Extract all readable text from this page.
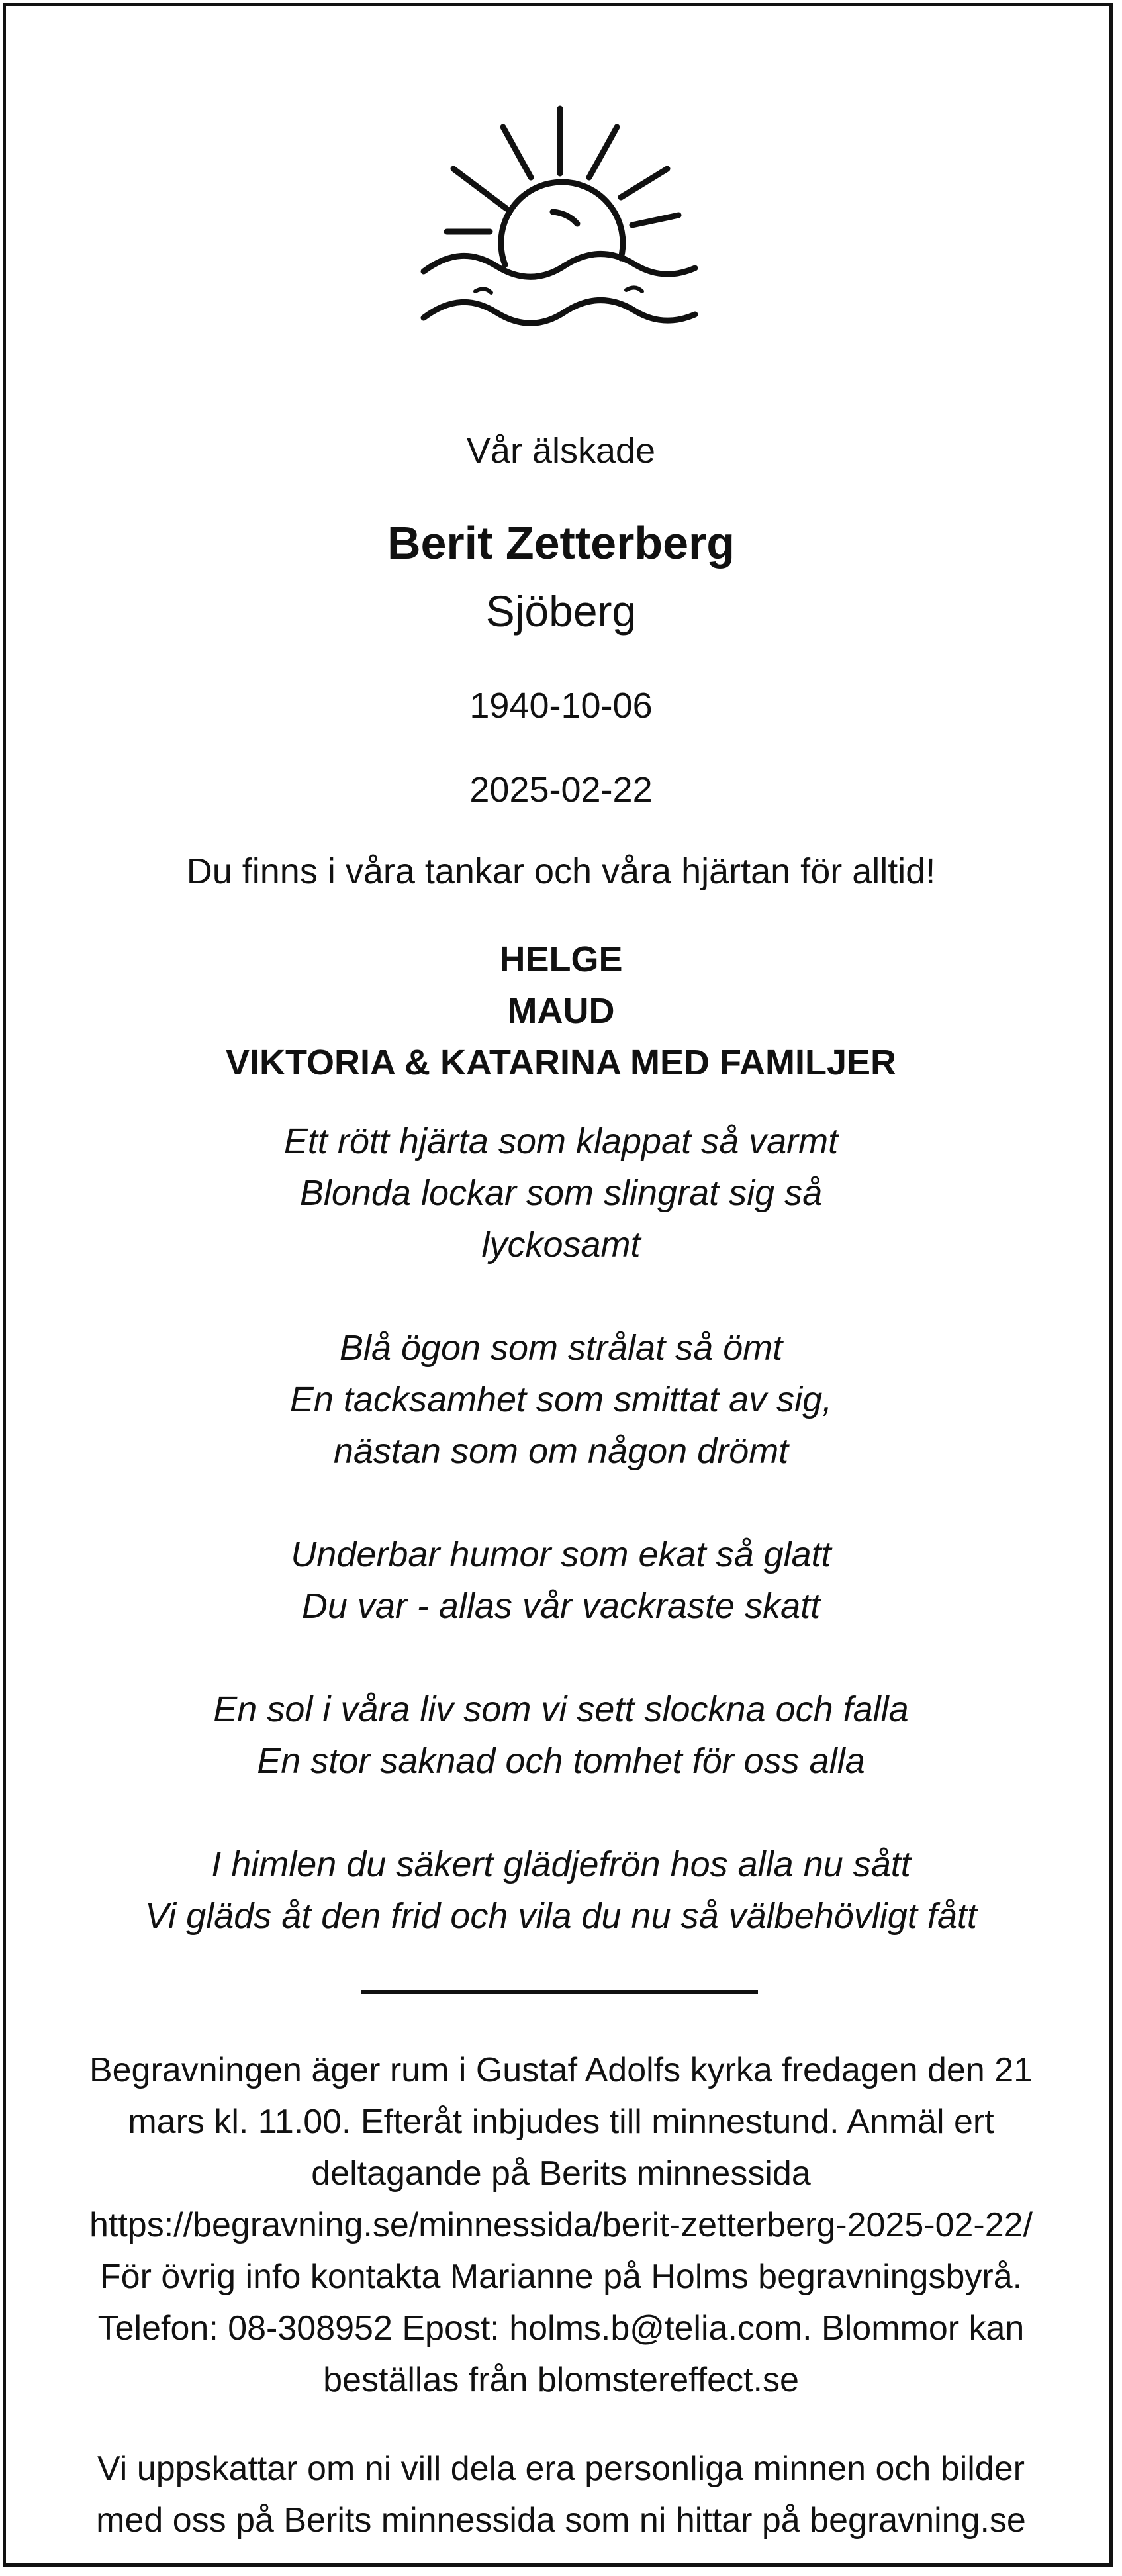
Vår älskade
Berit Zetterberg
Sjöberg
1940-10-06
2025-02-22
Du finns i våra tankar och våra hjärtan för alltid!
HELGE
MAUD
VIKTORIA & KATARINA MED FAMILJER
Ett rött hjärta som klappat så varmt
Blonda lockar som slingrat sig så
lyckosamt
Blå ögon som strålat så ömt
En tacksamhet som smittat av sig,
nästan som om någon drömt
Underbar humor som ekat så glatt
Du var - allas vår vackraste skatt
En sol i våra liv som vi sett slockna och falla
En stor saknad och tomhet för oss alla
I himlen du säkert glädjefrön hos alla nu sått
Vi gläds åt den frid och vila du nu så välbehövligt fått
Begravningen äger rum i Gustaf Adolfs kyrka fredagen den 21
mars kl. 11.00. Efteråt inbjudes till minnestund. Anmäl ert
deltagande på Berits minnessida
https://begravning.se/minnessida/berit-zetterberg-2025-02-22/
För övrig info kontakta Marianne på Holms begravningsbyrå.
Telefon: 08-308952 Epost: holms.b@telia.com. Blommor kan
beställas från blomstereffect.se
Vi uppskattar om ni vill dela era personliga minnen och bilder
med oss på Berits minnessida som ni hittar på begravning.se
